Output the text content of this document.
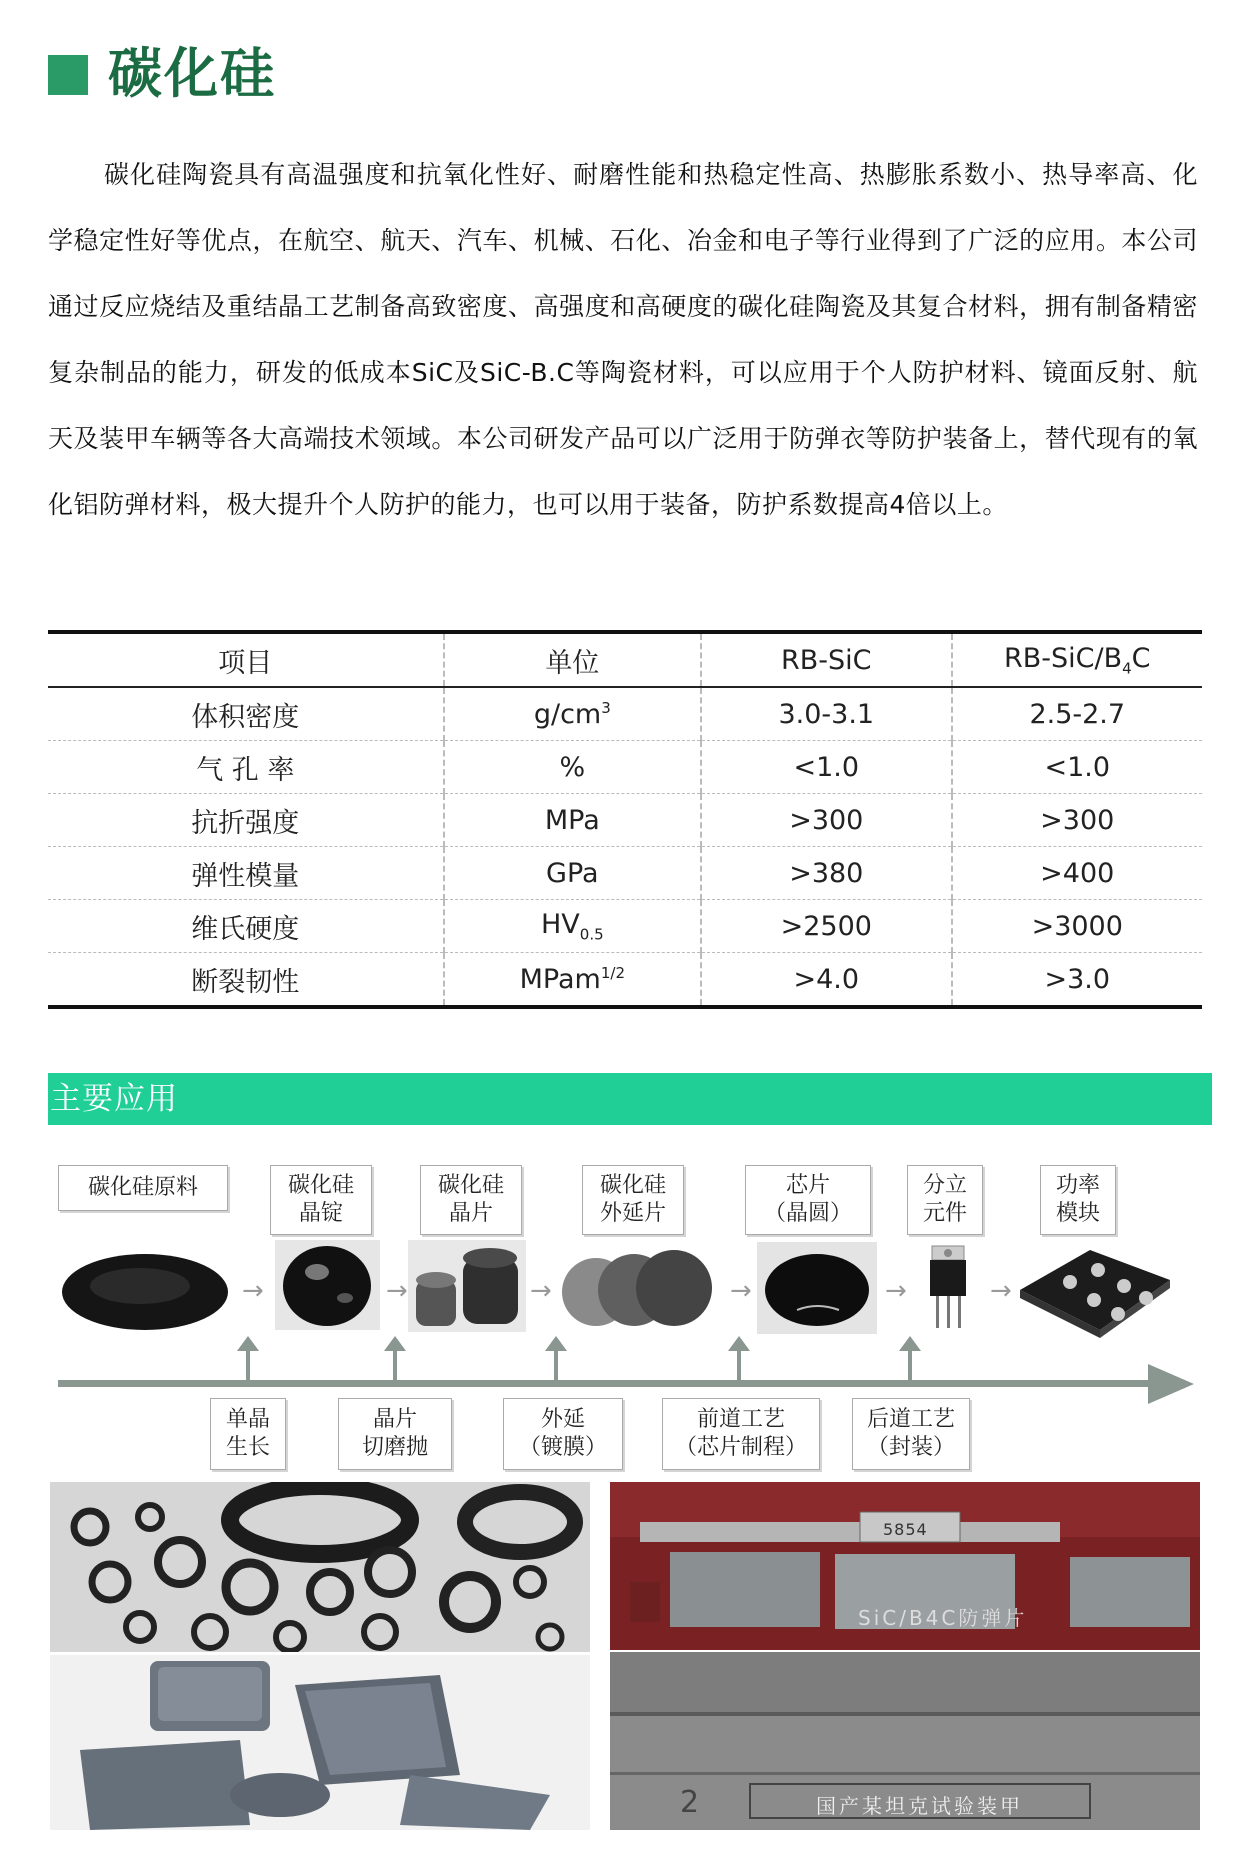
碳化硅

碳化硅陶瓷具有高温强度和抗氧化性好、耐磨性能和热稳定性高、热膨胀系数小、热导率高、化学稳定性好等优点，在航空、航天、汽车、机械、石化、冶金和电子等行业得到了广泛的应用。本公司通过反应烧结及重结晶工艺制备高致密度、高强度和高硬度的碳化硅陶瓷及其复合材料，拥有制备精密复杂制品的能力，研发的低成本SiC及SiC-B.C等陶瓷材料，可以应用于个人防护材料、镜面反射、航天及装甲车辆等各大高端技术领域。本公司研发产品可以广泛用于防弹衣等防护装备上，替代现有的氧化铝防弹材料，极大提升个人防护的能力，也可以用于装备，防护系数提高4倍以上。

项目	单位	RB-SiC	$RB-SiC/B_4C$
体积密度	$g/cm^3$	3.0-3.1	2.5-2.7
气 孔 率	%	<1.0	<1.0
抗折强度	MPa	>300	>300
弹性模量	GPa	>380	>400
维氏硬度	$HV_{0.5}$	>2500	>3000
断裂韧性	MPam$^{1/2}$	>4.0	>3.0
主要应用
碳化硅原料	碳化硅
晶锭
碳化硅
晶片
碳化硅
外延片
芯片
（晶圆）
分立
元件
功率
模块
→	→	→	→	→	→
单晶
生长
晶片
切磨抛
外延
（镀膜）
前道工艺
（芯片制程）
后道工艺
（封装）
SiC/B4C防弹片
5854
2	国产某坦克试验装甲
